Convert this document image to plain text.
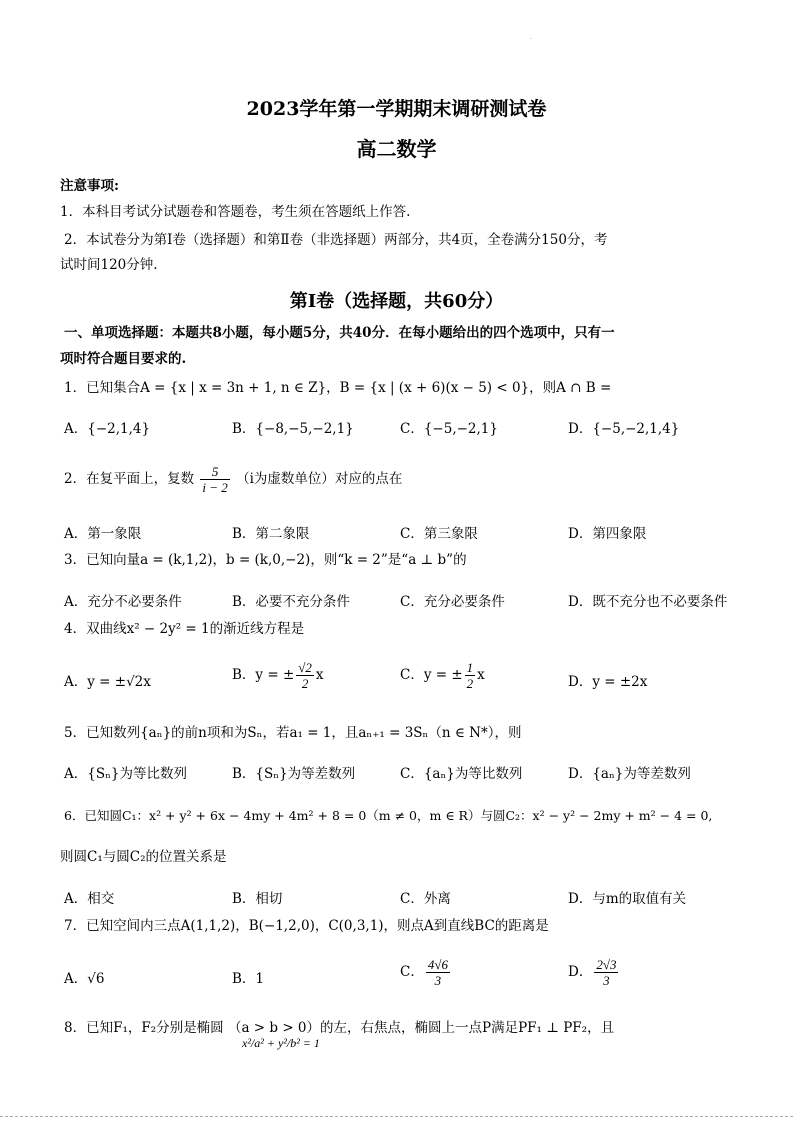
·
2023学年第一学期期末调研测试卷
高二数学
注意事项:
1．本科目考试分试题卷和答题卷，考生须在答题纸上作答.
2．本试卷分为第Ⅰ卷（选择题）和第Ⅱ卷（非选择题）两部分，共4页，全卷满分150分，考
试时间120分钟.
第Ⅰ卷（选择题，共60分）
一、单项选择题：本题共8小题，每小题5分，共40分．在每小题给出的四个选项中，只有一
项时符合题目要求的.
1．已知集合A = {x | x = 3n + 1, n ∈ Z}，B = {x | (x + 6)(x − 5) < 0}，则A ∩ B =
A．{−2,1,4}	B．{−8,−5,−2,1}	C．{−5,−2,1}	D．{−5,−2,1,4}
2．在复平面上，复数 $\frac{5}{i - 2} (i$为虚数单位）对应的点在
A．第一象限	B．第二象限	C．第三象限	D．第四象限
3．已知向量a = (k,1,2)，b = (k,0,−2)，则“k = 2”是“a ⊥ b”的
A．充分不必要条件	B．必要不充分条件	C．充分必要条件	D．既不充分也不必要条件
4．双曲线x² − 2y² = 1的渐近线方程是
A．y = ±√2x	B．y = ± $\frac{√2}{2}$ x	C．y = ± $\frac{1}{2}$ x	D．y = ±2x
5．已知数列{aₙ}的前n项和为Sₙ，若a₁ = 1，且aₙ₊₁ = 3Sₙ（n ∈ N*），则
A．{Sₙ}为等比数列	B．{Sₙ}为等差数列	C．{aₙ}为等比数列	D．{aₙ}为等差数列
6．已知圆C₁：x² + y² + 6x − 4my + 4m² + 8 = 0（m ≠ 0，m ∈ R）与圆C₂：x² − y² − 2my + m² − 4 = 0,
则圆C₁与圆C₂的位置关系是
A．相交	B．相切	C．外离	D．与m的取值有关
7．已知空间内三点A(1,1,2)，B(−1,2,0)，C(0,3,1)，则点A到直线BC的距离是
A．√6	B．1	C． $\frac{4√6}{3}$	D． $\frac{2√3}{3}$
8．已知F₁，F₂分别是椭圆 （a > b > 0）的左，右焦点，椭圆上一点P满足PF₁ ⊥ PF₂，且
x²/a² + y²/b² = 1
